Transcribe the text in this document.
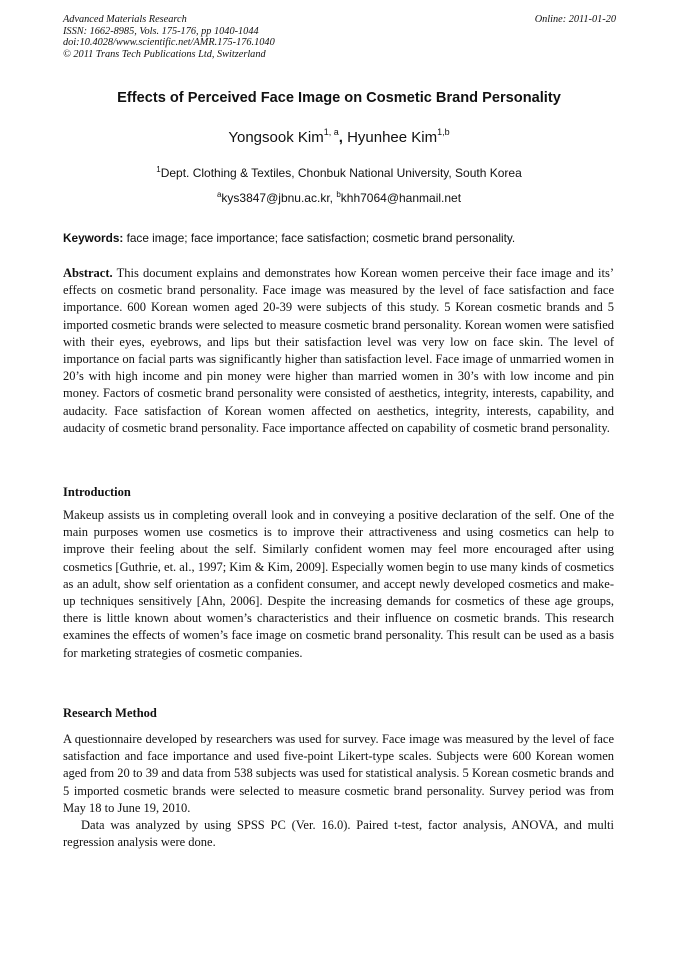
Advanced Materials Research
ISSN: 1662-8985, Vols. 175-176, pp 1040-1044
doi:10.4028/www.scientific.net/AMR.175-176.1040
© 2011 Trans Tech Publications Ltd, Switzerland
Online: 2011-01-20
Effects of Perceived Face Image on Cosmetic Brand Personality
Yongsook Kim$^{1, a}$, Hyunhee Kim$^{1,b}$
$^1$Dept. Clothing & Textiles, Chonbuk National University, South Korea
$^a$kys3847@jbnu.ac.kr, $^b$khh7064@hanmail.net
Keywords: face image; face importance; face satisfaction; cosmetic brand personality.
Abstract. This document explains and demonstrates how Korean women perceive their face image and its’ effects on cosmetic brand personality. Face image was measured by the level of face satisfaction and face importance. 600 Korean women aged 20-39 were subjects of this study. 5 Korean cosmetic brands and 5 imported cosmetic brands were selected to measure cosmetic brand personality. Korean women were satisfied with their eyes, eyebrows, and lips but their satisfaction level was very low on face skin. The level of importance on facial parts was significantly higher than satisfaction level. Face image of unmarried women in 20’s with high income and pin money were higher than married women in 30’s with low income and pin money. Factors of cosmetic brand personality were consisted of aesthetics, integrity, interests, capability, and audacity. Face satisfaction of Korean women affected on aesthetics, integrity, interests, capability, and audacity of cosmetic brand personality. Face importance affected on capability of cosmetic brand personality.
Introduction
Makeup assists us in completing overall look and in conveying a positive declaration of the self. One of the main purposes women use cosmetics is to improve their attractiveness and using cosmetics can help to improve their feeling about the self. Similarly confident women may feel more encouraged after using cosmetics [Guthrie, et. al., 1997; Kim & Kim, 2009]. Especially women begin to use many kinds of cosmetics as an adult, show self orientation as a confident consumer, and accept newly developed cosmetics and make-up techniques sensitively [Ahn, 2006]. Despite the increasing demands for cosmetics of these age groups, there is little known about women’s characteristics and their influence on cosmetic brands. This research examines the effects of women’s face image on cosmetic brand personality. This result can be used as a basis for marketing strategies of cosmetic companies.
Research Method

A questionnaire developed by researchers was used for survey. Face image was measured by the level of face satisfaction and face importance and used five-point Likert-type scales. Subjects were 600 Korean women aged from 20 to 39 and data from 538 subjects was used for statistical analysis. 5 Korean cosmetic brands and 5 imported cosmetic brands were selected to measure cosmetic brand personality. Survey period was from May 18 to June 19, 2010.

Data was analyzed by using SPSS PC (Ver. 16.0). Paired t-test, factor analysis, ANOVA, and multi regression analysis were done.
